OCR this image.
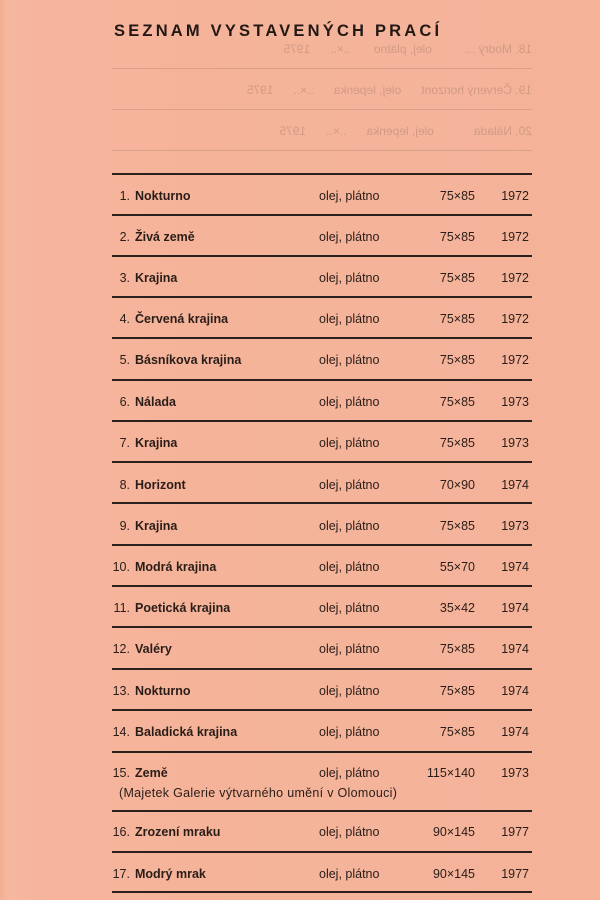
18. Modrý ...          olej, plátno       ..×..      1975
19. Červený horizont      olej, lepenka      ..×..      1975
20. Nálada            olej, lepenka      ..×..      1975
SEZNAM VYSTAVENÝCH PRACÍ
1. Nokturno	olej, plátno	75×85 1972
2. Živá země	olej, plátno	75×85 1972
3. Krajina	olej, plátno	75×85 1972
4. Červená krajina	olej, plátno	75×85 1972
5. Básníkova krajina	olej, plátno	75×85 1972
6. Nálada	olej, plátno	75×85 1973
7. Krajina	olej, plátno	75×85 1973
8. Horizont	olej, plátno	70×90 1974
9. Krajina	olej, plátno	75×85 1973
10. Modrá krajina	olej, plátno	55×70 1974
11. Poetická krajina	olej, plátno	35×42 1974
12. Valéry	olej, plátno	75×85 1974
13. Nokturno	olej, plátno	75×85 1974
14. Baladická krajina	olej, plátno	75×85 1974
15. Země	olej, plátno	115×140 1973
(Majetek Galerie výtvarného umění v Olomouci)
16. Zrození mraku	olej, plátno	90×145 1977
17. Modrý mrak	olej, plátno	90×145 1977
